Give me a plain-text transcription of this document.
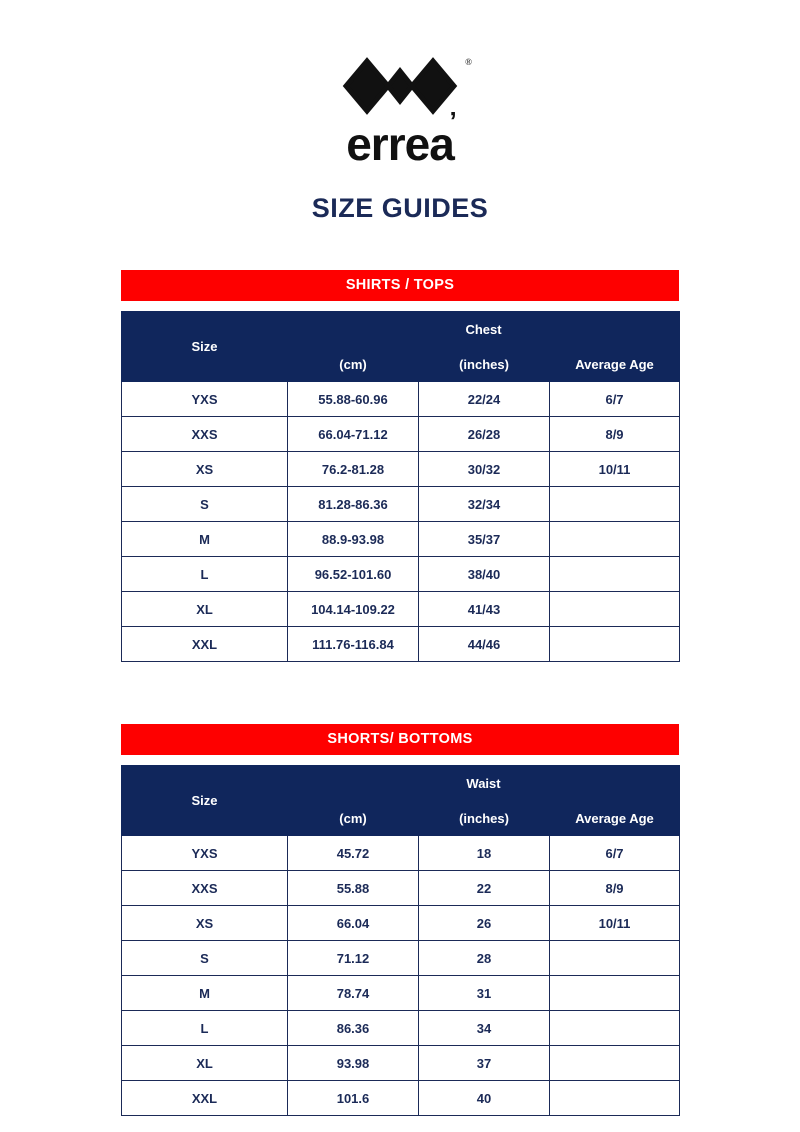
®
errea ’
SIZE GUIDES
SHIRTS / TOPS
Size	Chest		
	(cm)	(inches)	Average Age
YXS	55.88-60.96	22/24	6/7
XXS	66.04-71.12	26/28	8/9
XS	76.2-81.28	30/32	10/11
S	81.28-86.36	32/34	
M	88.9-93.98	35/37	
L	96.52-101.60	38/40	
XL	104.14-109.22	41/43	
XXL	111.76-116.84	44/46	
SHORTS/ BOTTOMS
Size	Waist		
	(cm)	(inches)	Average Age
YXS	45.72	18	6/7
XXS	55.88	22	8/9
XS	66.04	26	10/11
S	71.12	28	
M	78.74	31	
L	86.36	34	
XL	93.98	37	
XXL	101.6	40	
